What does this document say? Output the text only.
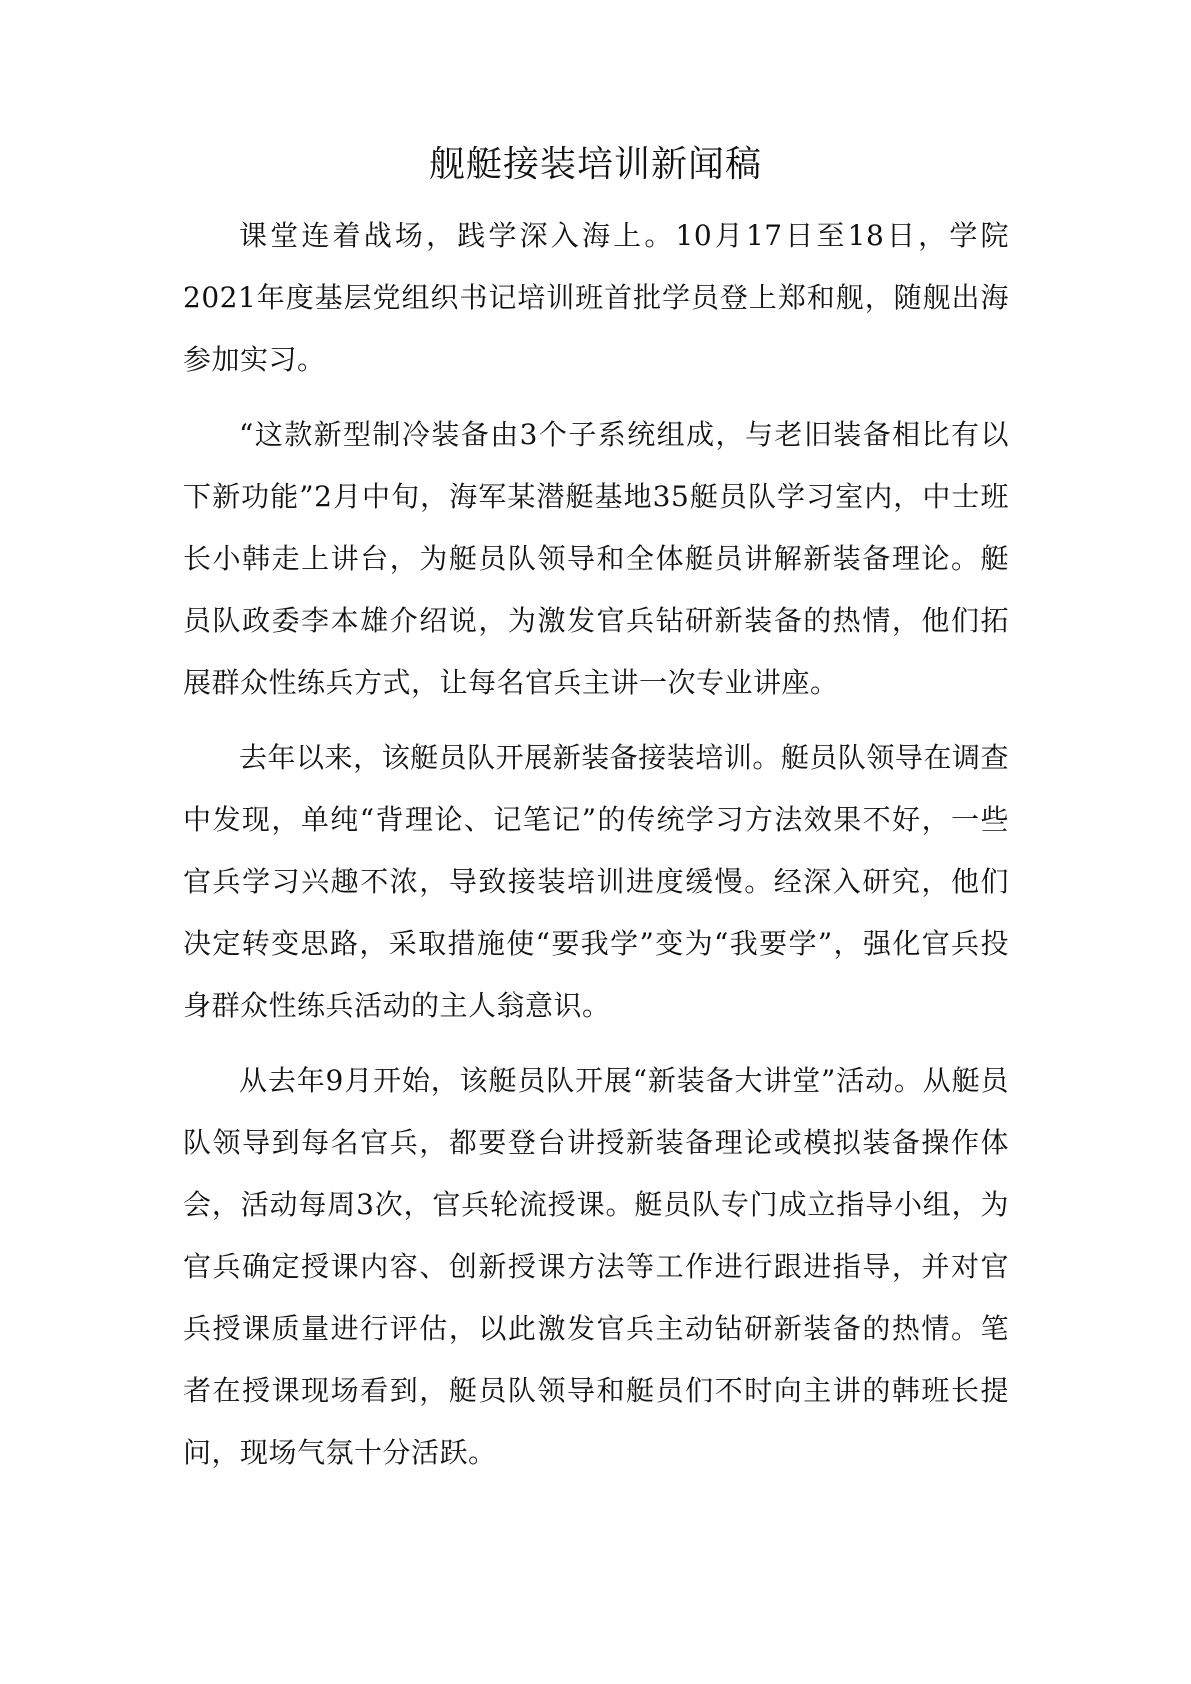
舰艇接装培训新闻稿

课堂连着战场，践学深入海上。10月17日至18日，学院2021年度基层党组织书记培训班首批学员登上郑和舰，随舰出海参加实习。

“这款新型制冷装备由3个子系统组成，与老旧装备相比有以下新功能”2月中旬，海军某潜艇基地35艇员队学习室内，中士班长小韩走上讲台，为艇员队领导和全体艇员讲解新装备理论。艇员队政委李本雄介绍说，为激发官兵钻研新装备的热情，他们拓展群众性练兵方式，让每名官兵主讲一次专业讲座。

去年以来，该艇员队开展新装备接装培训。艇员队领导在调查中发现，单纯“背理论、记笔记”的传统学习方法效果不好，一些官兵学习兴趣不浓，导致接装培训进度缓慢。经深入研究，他们决定转变思路，采取措施使“要我学”变为“我要学”，强化官兵投身群众性练兵活动的主人翁意识。

从去年9月开始，该艇员队开展“新装备大讲堂”活动。从艇员队领导到每名官兵，都要登台讲授新装备理论或模拟装备操作体会，活动每周3次，官兵轮流授课。艇员队专门成立指导小组，为官兵确定授课内容、创新授课方法等工作进行跟进指导，并对官兵授课质量进行评估，以此激发官兵主动钻研新装备的热情。笔者在授课现场看到，艇员队领导和艇员们不时向主讲的韩班长提问，现场气氛十分活跃。
